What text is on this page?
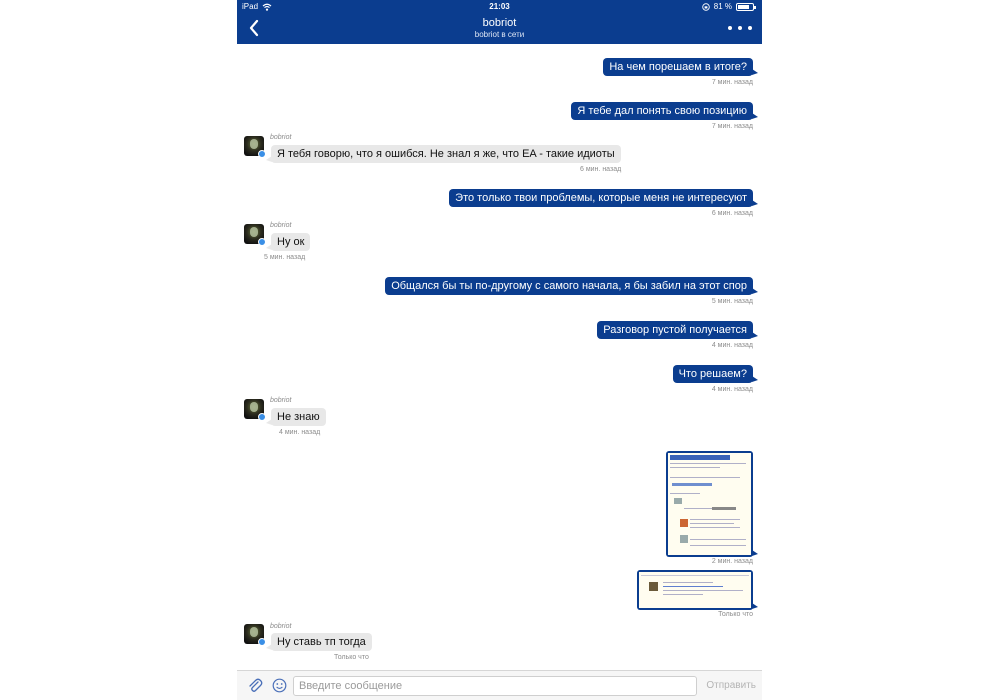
iPad	21:03	81 %
bobriot
bobriot в сети
На чем порешаем в итоге?
7 мин. назад
Я тебе дал понять свою позицию
7 мин. назад
bobriot
Я тебя говорю, что я ошибся. Не знал я же, что EA - такие идиоты
6 мин. назад
Это только твои проблемы, которые меня не интересуют
6 мин. назад
bobriot
Ну ок
5 мин. назад
Общался бы ты по-другому с самого начала, я бы забил на этот спор
5 мин. назад
Разговор пустой получается
4 мин. назад
Что решаем?
4 мин. назад
bobriot
Не знаю
4 мин. назад
2 мин. назад
Только что
bobriot
Ну ставь тп тогда
Только что
Введите сообщение
Отправить
